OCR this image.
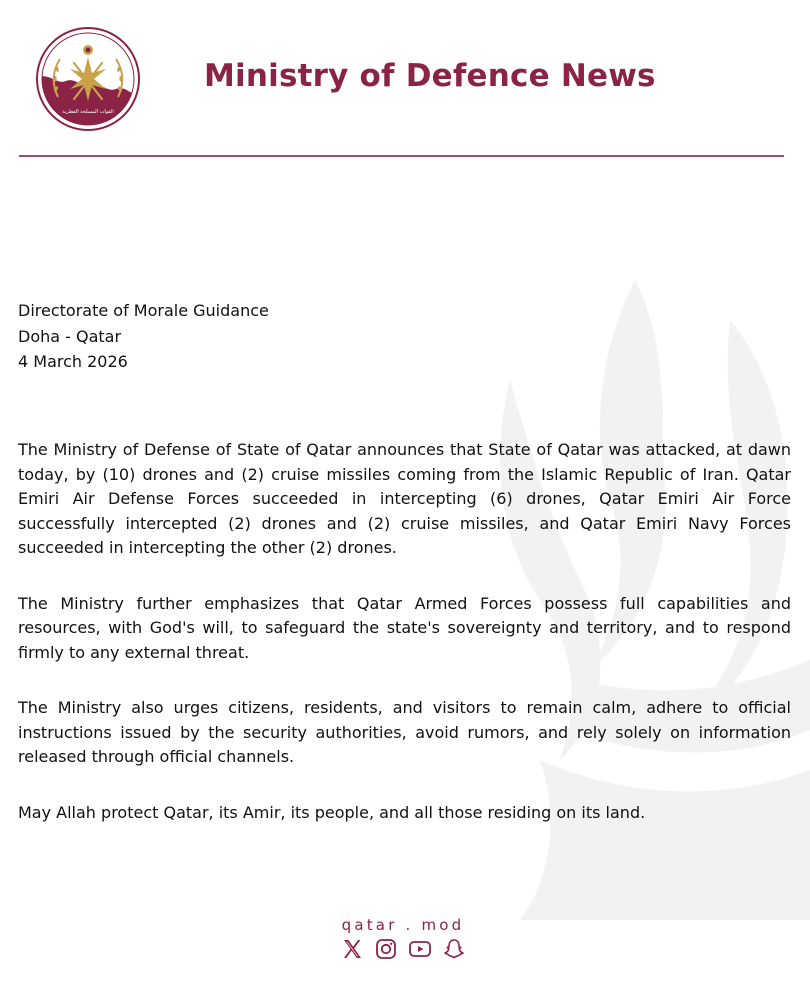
القوات المسلحة القطرية
Ministry of Defence News
Directorate of Morale Guidance
Doha - Qatar
4 March 2026

The Ministry of Defense of State of Qatar announces that State of Qatar was attacked, at dawn today, by (10) drones and (2) cruise missiles coming from the Islamic Republic of Iran. Qatar Emiri Air Defense Forces succeeded in intercepting (6) drones, Qatar Emiri Air Force successfully intercepted (2) drones and (2) cruise missiles, and Qatar Emiri Navy Forces succeeded in intercepting the other (2) drones.

The Ministry further emphasizes that Qatar Armed Forces possess full capabilities and resources, with God's will, to safeguard the state's sovereignty and territory, and to respond firmly to any external threat.

The Ministry also urges citizens, residents, and visitors to remain calm, adhere to official instructions issued by the security authorities, avoid rumors, and rely solely on information released through official channels.

May Allah protect Qatar, its Amir, its people, and all those residing on its land.

qatar . mod
